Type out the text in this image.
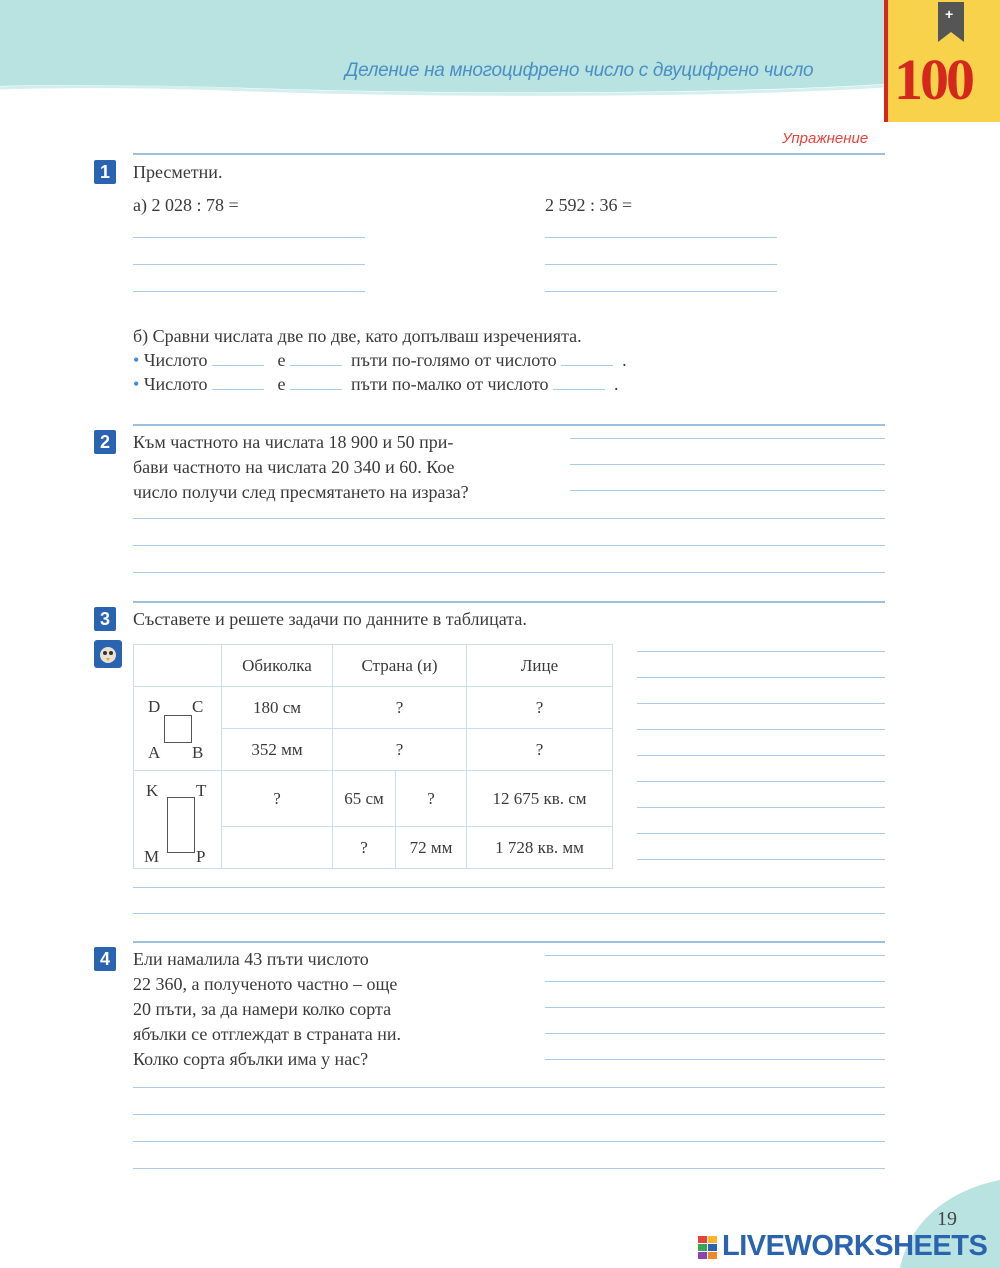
Деление на многоцифрено число с двуцифрено число 100
+
Упражнение
1	Пресметни.
а) 2 028 : 78 =	2 592 : 36 =
б) Сравни числата две по две, като допълваш изреченията.
• Числото	е	пъти по-голямо от числото	.
• Числото	е	пъти по-малко от числото	.
2	Към частното на числата 18 900 и 50 при-
бави частното на числата 20 340 и 60. Кое
число получи след пресмятането на израза?
3	Съставете и решете задачи по данните в таблицата.
	Обиколка	Страна (и)		Лице

D C
A B	180 см	?		?
	352 мм	?		?

K T
M P	?	65 см	?	12 675 кв. см
		?	72 мм	1 728 кв. мм
4	Ели намалила 43 пъти числото
22 360, а полученото частно – още
20 пъти, за да намери колко сорта
ябълки се отглеждат в страната ни.
Колко сорта ябълки има у нас?
19
LIVEWORKSHEETS
